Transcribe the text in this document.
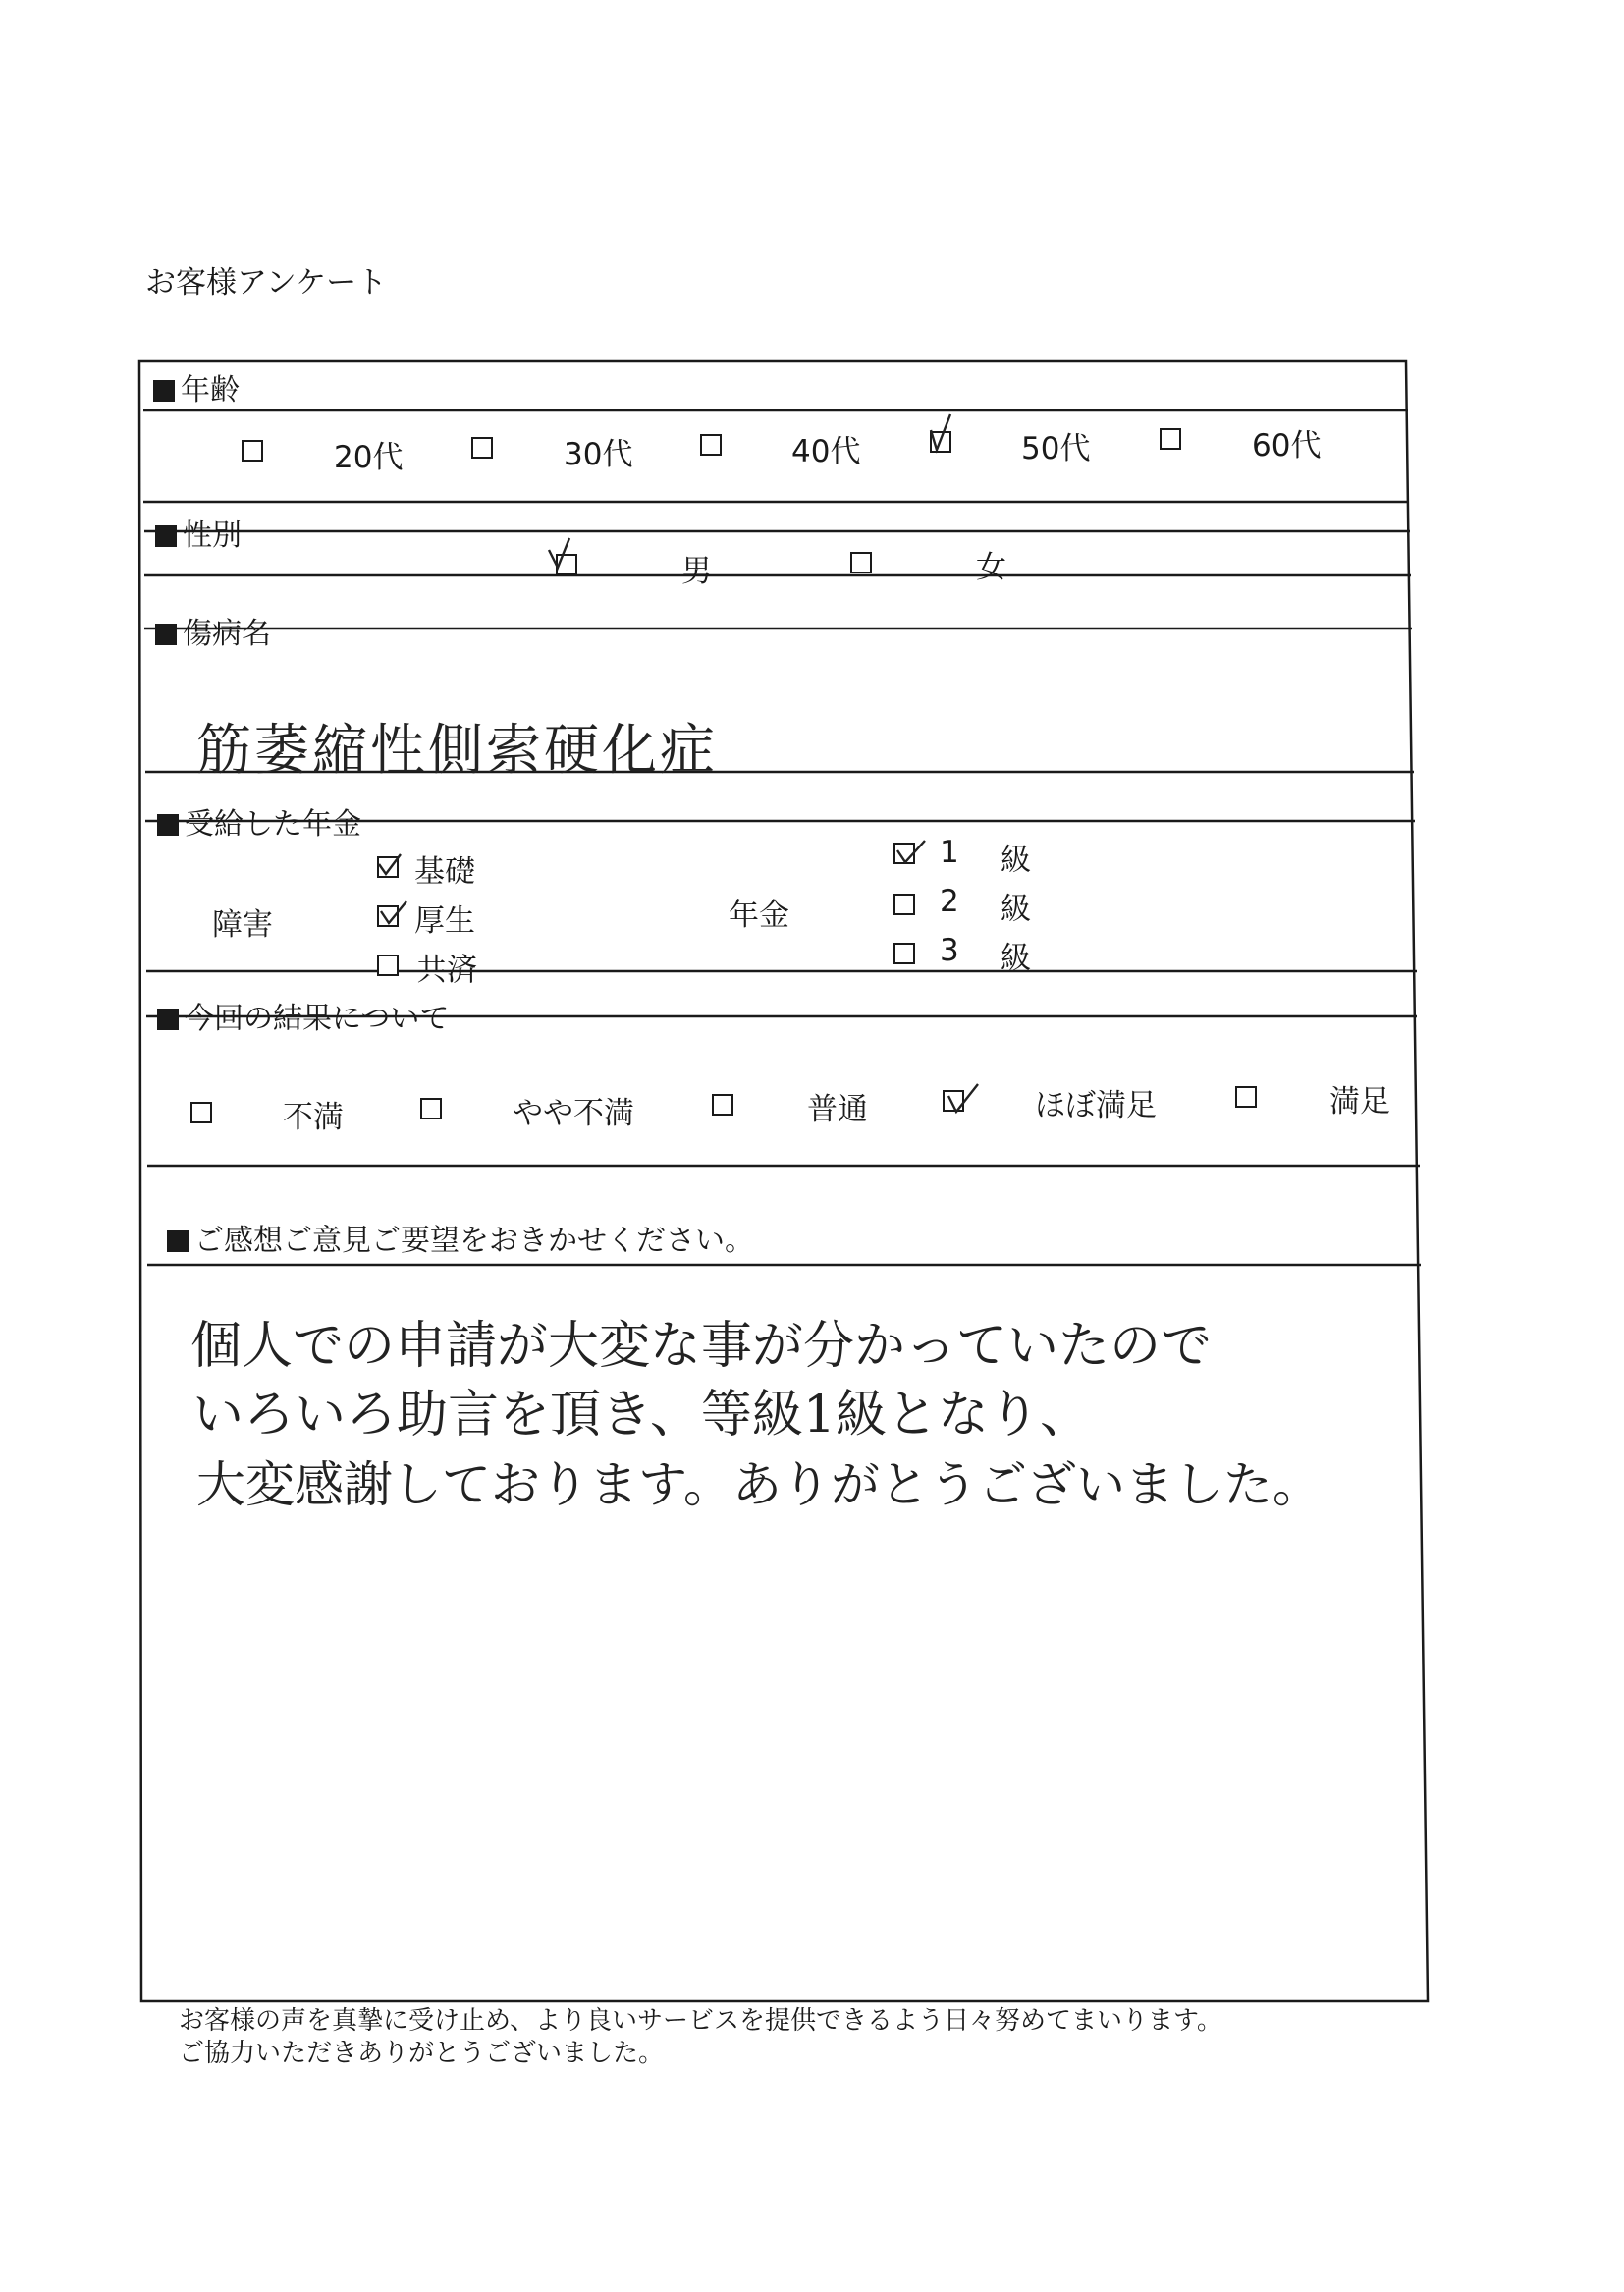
お客様アンケート
年齢
性別
傷病名
受給した年金
今回の結果について
ご感想ご意見ご要望をおきかせください。
20代	30代	40代	50代	60代
男	女
筋萎縮性側索硬化症
障害
基礎
厚生
共済
年金
1 級
2 級
3 級
不満	やや不満	普通	ほぼ満足	満足
個人での申請が大変な事が分かっていたので
いろいろ助言を頂き、等級1級となり、
大変感謝しております。ありがとうございました。
お客様の声を真摯に受け止め、より良いサービスを提供できるよう日々努めてまいります。
ご協力いただきありがとうございました。
